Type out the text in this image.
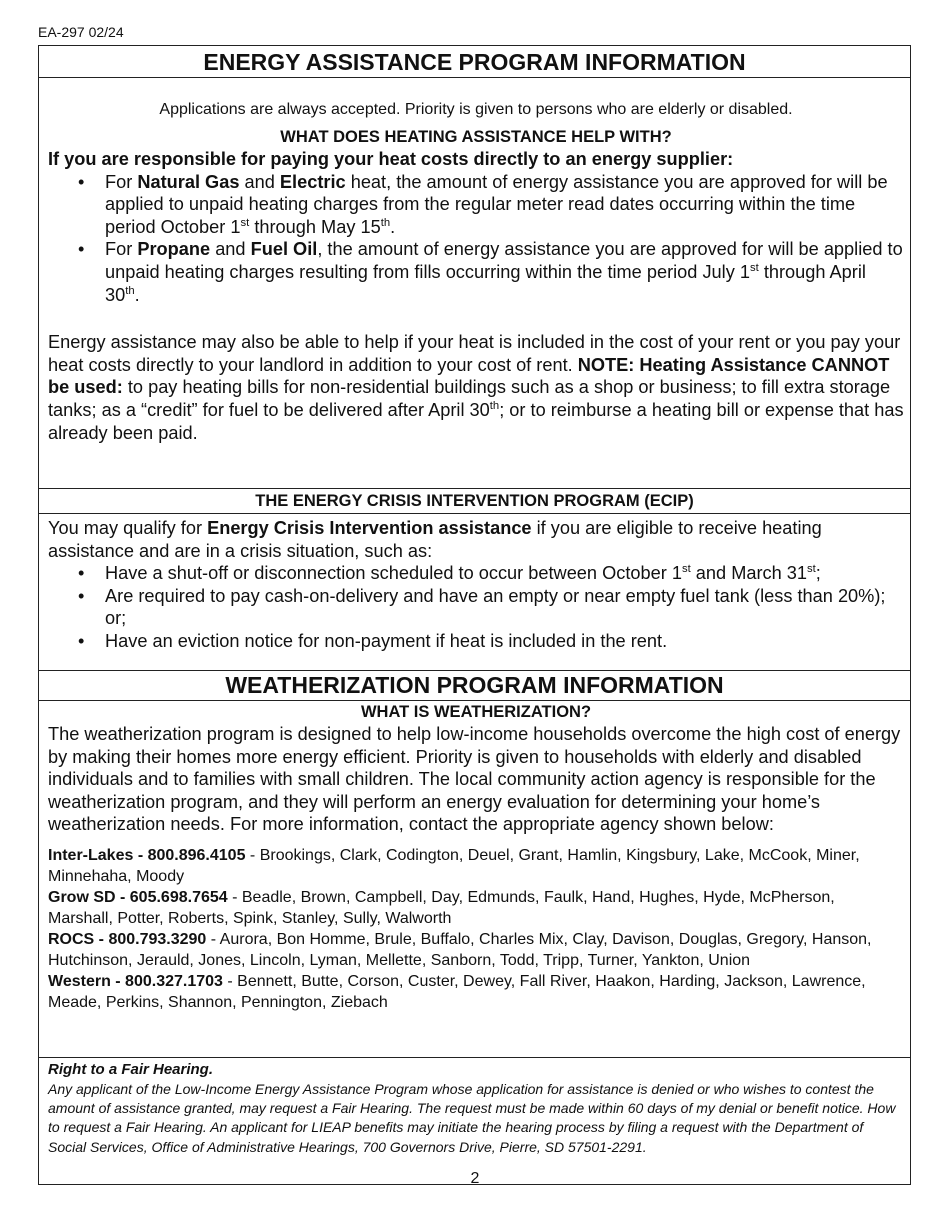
EA-297 02/24
ENERGY ASSISTANCE PROGRAM INFORMATION
Applications are always accepted. Priority is given to persons who are elderly or disabled.
WHAT DOES HEATING ASSISTANCE HELP WITH?
If you are responsible for paying your heat costs directly to an energy supplier:
• For Natural Gas and Electric heat, the amount of energy assistance you are approved for will be applied to unpaid heating charges from the regular meter read dates occurring within the time period October 1st through May 15th.
• For Propane and Fuel Oil, the amount of energy assistance you are approved for will be applied to unpaid heating charges resulting from fills occurring within the time period July 1st through April 30th.

Energy assistance may also be able to help if your heat is included in the cost of your rent or you pay your heat costs directly to your landlord in addition to your cost of rent. NOTE: Heating Assistance CANNOT be used: to pay heating bills for non-residential buildings such as a shop or business; to fill extra storage tanks; as a “credit” for fuel to be delivered after April 30th; or to reimburse a heating bill or expense that has already been paid.

THE ENERGY CRISIS INTERVENTION PROGRAM (ECIP)

You may qualify for Energy Crisis Intervention assistance if you are eligible to receive heating assistance and are in a crisis situation, such as:

• Have a shut-off or disconnection scheduled to occur between October 1st and March 31st;
• Are required to pay cash-on-delivery and have an empty or near empty fuel tank (less than 20%); or;
• Have an eviction notice for non-payment if heat is included in the rent.
WEATHERIZATION PROGRAM INFORMATION
WHAT IS WEATHERIZATION?

The weatherization program is designed to help low-income households overcome the high cost of energy by making their homes more energy efficient. Priority is given to households with elderly and disabled individuals and to families with small children. The local community action agency is responsible for the weatherization program, and they will perform an energy evaluation for determining your home’s weatherization needs. For more information, contact the appropriate agency shown below:

Inter-Lakes - 800.896.4105 - Brookings, Clark, Codington, Deuel, Grant, Hamlin, Kingsbury, Lake, McCook, Miner, Minnehaha, Moody

Grow SD - 605.698.7654 - Beadle, Brown, Campbell, Day, Edmunds, Faulk, Hand, Hughes, Hyde, McPherson, Marshall, Potter, Roberts, Spink, Stanley, Sully, Walworth

ROCS - 800.793.3290 - Aurora, Bon Homme, Brule, Buffalo, Charles Mix, Clay, Davison, Douglas, Gregory, Hanson, Hutchinson, Jerauld, Jones, Lincoln, Lyman, Mellette, Sanborn, Todd, Tripp, Turner, Yankton, Union

Western - 800.327.1703 - Bennett, Butte, Corson, Custer, Dewey, Fall River, Haakon, Harding, Jackson, Lawrence, Meade, Perkins, Shannon, Pennington, Ziebach

Right to a Fair Hearing.

Any applicant of the Low-Income Energy Assistance Program whose application for assistance is denied or who wishes to contest the amount of assistance granted, may request a Fair Hearing. The request must be made within 60 days of my denial or benefit notice. How to request a Fair Hearing. An applicant for LIEAP benefits may initiate the hearing process by filing a request with the Department of Social Services, Office of Administrative Hearings, 700 Governors Drive, Pierre, SD 57501-2291.

2
